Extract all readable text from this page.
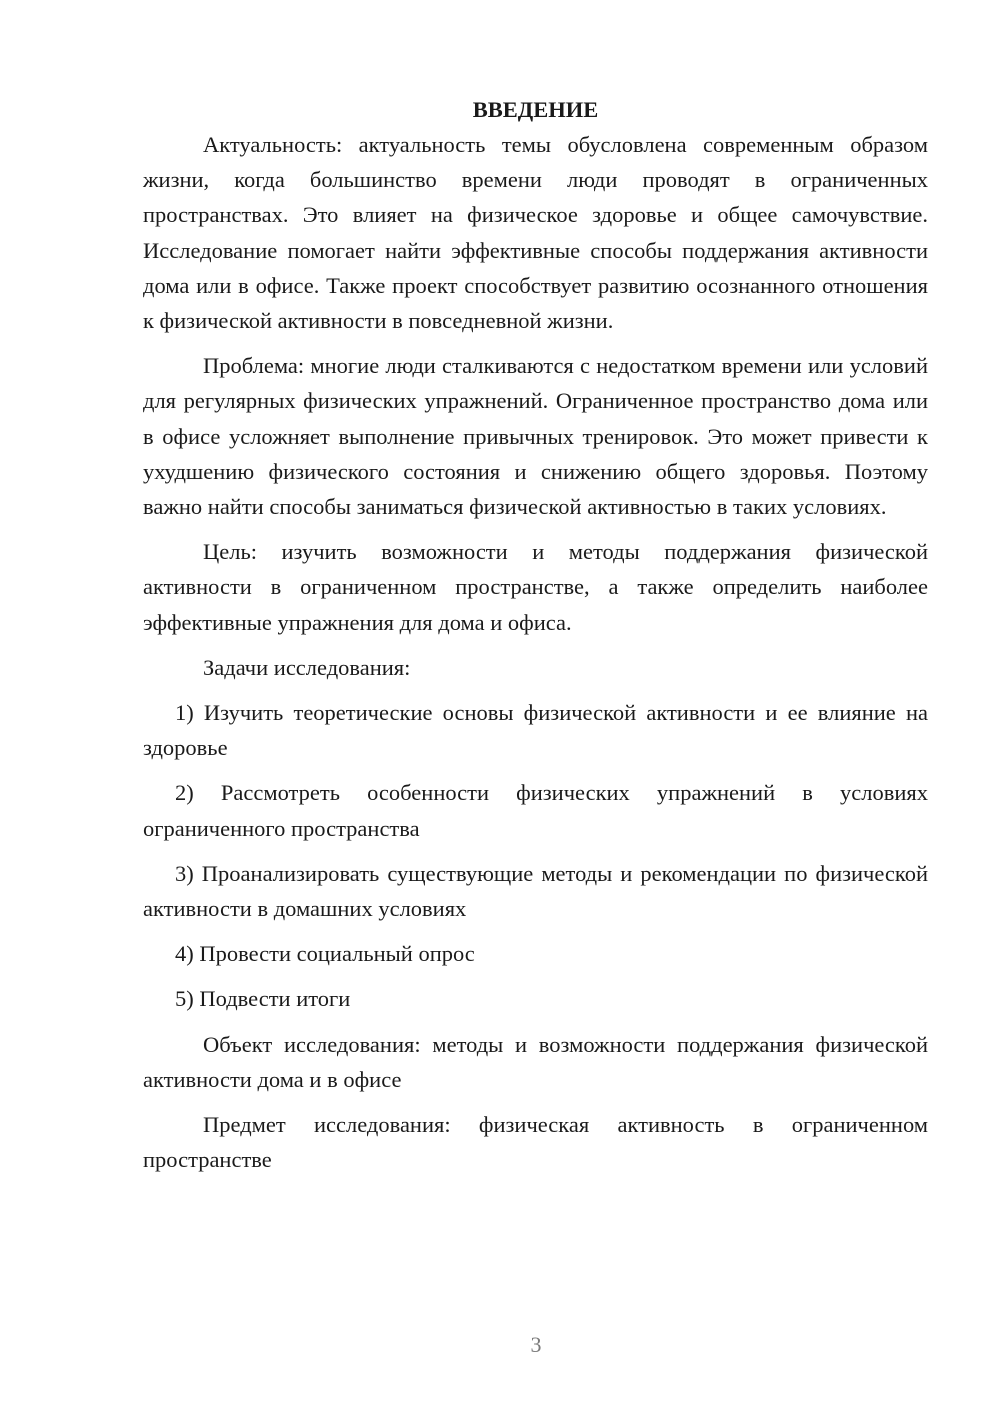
ВВЕДЕНИЕ

Актуальность: актуальность темы обусловлена современным образом жизни, когда большинство времени люди проводят в ограниченных пространствах. Это влияет на физическое здоровье и общее самочувствие. Исследование помогает найти эффективные способы поддержания активности дома или в офисе. Также проект способствует развитию осознанного отношения к физической активности в повседневной жизни.

Проблема: многие люди сталкиваются с недостатком времени или условий для регулярных физических упражнений. Ограниченное пространство дома или в офисе усложняет выполнение привычных тренировок. Это может привести к ухудшению физического состояния и снижению общего здоровья. Поэтому важно найти способы заниматься физической активностью в таких условиях.

Цель: изучить возможности и методы поддержания физической активности в ограниченном пространстве, а также определить наиболее эффективные упражнения для дома и офиса.

Задачи исследования:

1) Изучить теоретические основы физической активности и ее влияние на здоровье

2) Рассмотреть особенности физических упражнений в условиях ограниченного пространства

3) Проанализировать существующие методы и рекомендации по физической активности в домашних условиях

4) Провести социальный опрос

5) Подвести итоги

Объект исследования: методы и возможности поддержания физической активности дома и в офисе

Предмет исследования: физическая активность в ограниченном пространстве

3
